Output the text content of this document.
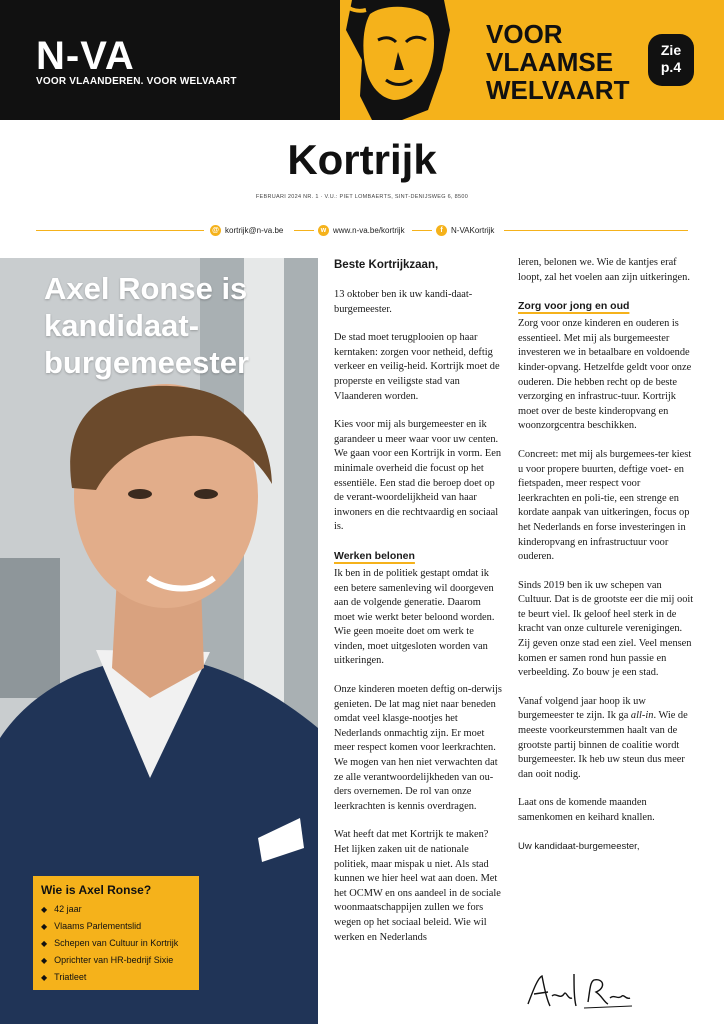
N-VA
VOOR VLAANDEREN. VOOR WELVAART
VOOR
VLAAMSE
WELVAART
Zie
p.4
Kortrijk
FEBRUARI 2024 NR. 1 · V.U.: PIET LOMBAERTS, SINT-DENIJSWEG 6, 8500
@ kortrijk@n-va.be	w www.n-va.be/kortrijk	f	N-VAKortrijk
Axel Ronse is kandidaat-burgemeester
Wie is Axel Ronse?
◆ 42 jaar
◆ Vlaams Parlementslid
◆ Schepen van Cultuur in Kortrijk
◆ Oprichter van HR-bedrijf Sixie
◆ Triatleet

Beste Kortrijkzaan,

13 oktober ben ik uw kandi-daat-burgemeester.

De stad moet terugplooien op haar kerntaken: zorgen voor netheid, deftig verkeer en veilig-heid. Kortrijk moet de properste en veiligste stad van Vlaanderen worden.

Kies voor mij als burgemeester en ik garandeer u meer waar voor uw centen. We gaan voor een Kortrijk in vorm. Een minimale overheid die focust op het essentiële. Een stad die beroep doet op de verant-woordelijkheid van haar inwoners en die rechtvaardig en sociaal is.

Werken belonen

Ik ben in de politiek gestapt omdat ik een betere samenleving wil doorgeven aan de volgende generatie. Daarom moet wie werkt beter beloond worden. Wie geen moeite doet om werk te vinden, moet uitgesloten worden van uitkeringen.

Onze kinderen moeten deftig on-derwijs genieten. De lat mag niet naar beneden omdat veel klasge-nootjes het Nederlands onmachtig zijn. Er moet meer respect komen voor leerkrachten. We mogen van hen niet verwachten dat ze alle verantwoordelijkheden van ou-ders overnemen. De rol van onze leerkrachten is kennis overdragen.

Wat heeft dat met Kortrijk te maken? Het lijken zaken uit de nationale politiek, maar mispak u niet. Als stad kunnen we hier heel wat aan doen. Met het OCMW en ons aandeel in de sociale woonmaatschappijen zullen we fors wegen op het sociaal beleid. Wie wil werken en Nederlands

leren, belonen we. Wie de kantjes eraf loopt, zal het voelen aan zijn uitkeringen.

Zorg voor jong en oud

Zorg voor onze kinderen en ouderen is essentieel. Met mij als burgemeester investeren we in betaalbare en voldoende kinder-opvang. Hetzelfde geldt voor onze ouderen. Die hebben recht op de beste verzorging en infrastruc-tuur. Kortrijk moet over de beste kinderopvang en woonzorgcentra beschikken.

Concreet: met mij als burgemees-ter kiest u voor propere buurten, deftige voet- en fietspaden, meer respect voor leerkrachten en poli-tie, een strenge en kordate aanpak van uitkeringen, focus op het Nederlands en forse investeringen in kinderopvang en infrastructuur voor ouderen.

Sinds 2019 ben ik uw schepen van Cultuur. Dat is de grootste eer die mij ooit te beurt viel. Ik geloof heel sterk in de kracht van onze culturele verenigingen. Zij geven onze stad een ziel. Veel mensen komen er samen rond hun passie en verbeelding. Zo bouw je een stad.

Vanaf volgend jaar hoop ik uw burgemeester te zijn. Ik ga all-in. Wie de meeste voorkeurstemmen haalt van de grootste partij binnen de coalitie wordt burgemeester. Ik heb uw steun dus meer dan ooit nodig.

Laat ons de komende maanden samenkomen en keihard knallen.

Uw kandidaat-burgemeester,
